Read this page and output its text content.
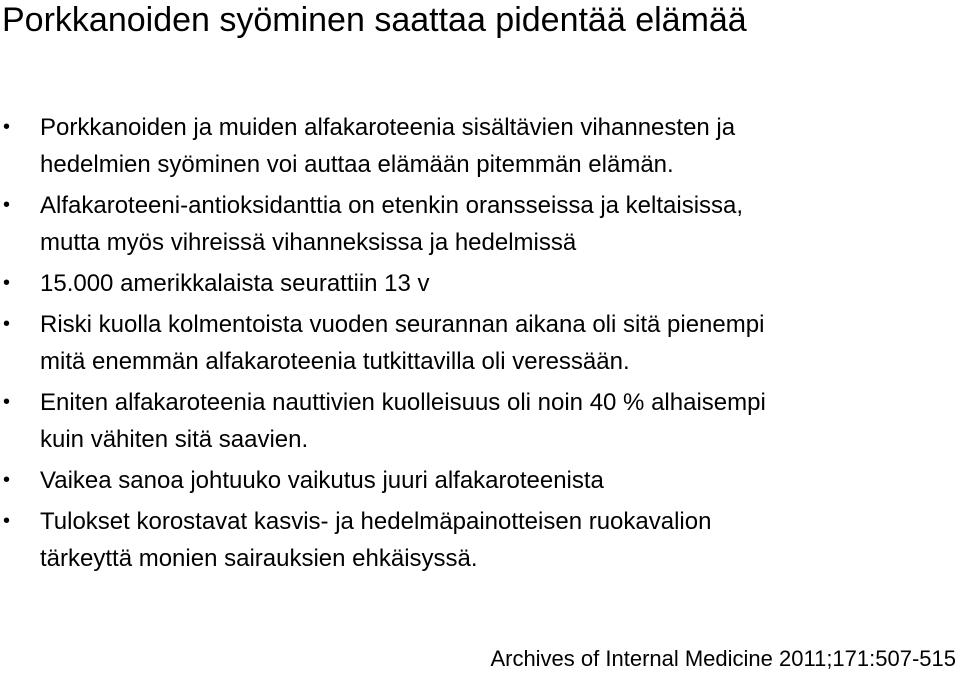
Porkkanoiden syöminen saattaa pidentää elämää
• Porkkanoiden ja muiden alfakaroteenia sisältävien vihannesten ja
hedelmien syöminen voi auttaa elämään pitemmän elämän.
• Alfakaroteeni-antioksidanttia on etenkin oransseissa ja keltaisissa,
mutta myös vihreissä vihanneksissa ja hedelmissä
• 15.000 amerikkalaista seurattiin 13 v
• Riski kuolla kolmentoista vuoden seurannan aikana oli sitä pienempi
mitä enemmän alfakaroteenia tutkittavilla oli veressään.
• Eniten alfakaroteenia nauttivien kuolleisuus oli noin 40 % alhaisempi
kuin vähiten sitä saavien.
• Vaikea sanoa johtuuko vaikutus juuri alfakaroteenista
• Tulokset korostavat kasvis- ja hedelmäpainotteisen ruokavalion
tärkeyttä monien sairauksien ehkäisyssä.
Archives of Internal Medicine 2011;171:507-515
